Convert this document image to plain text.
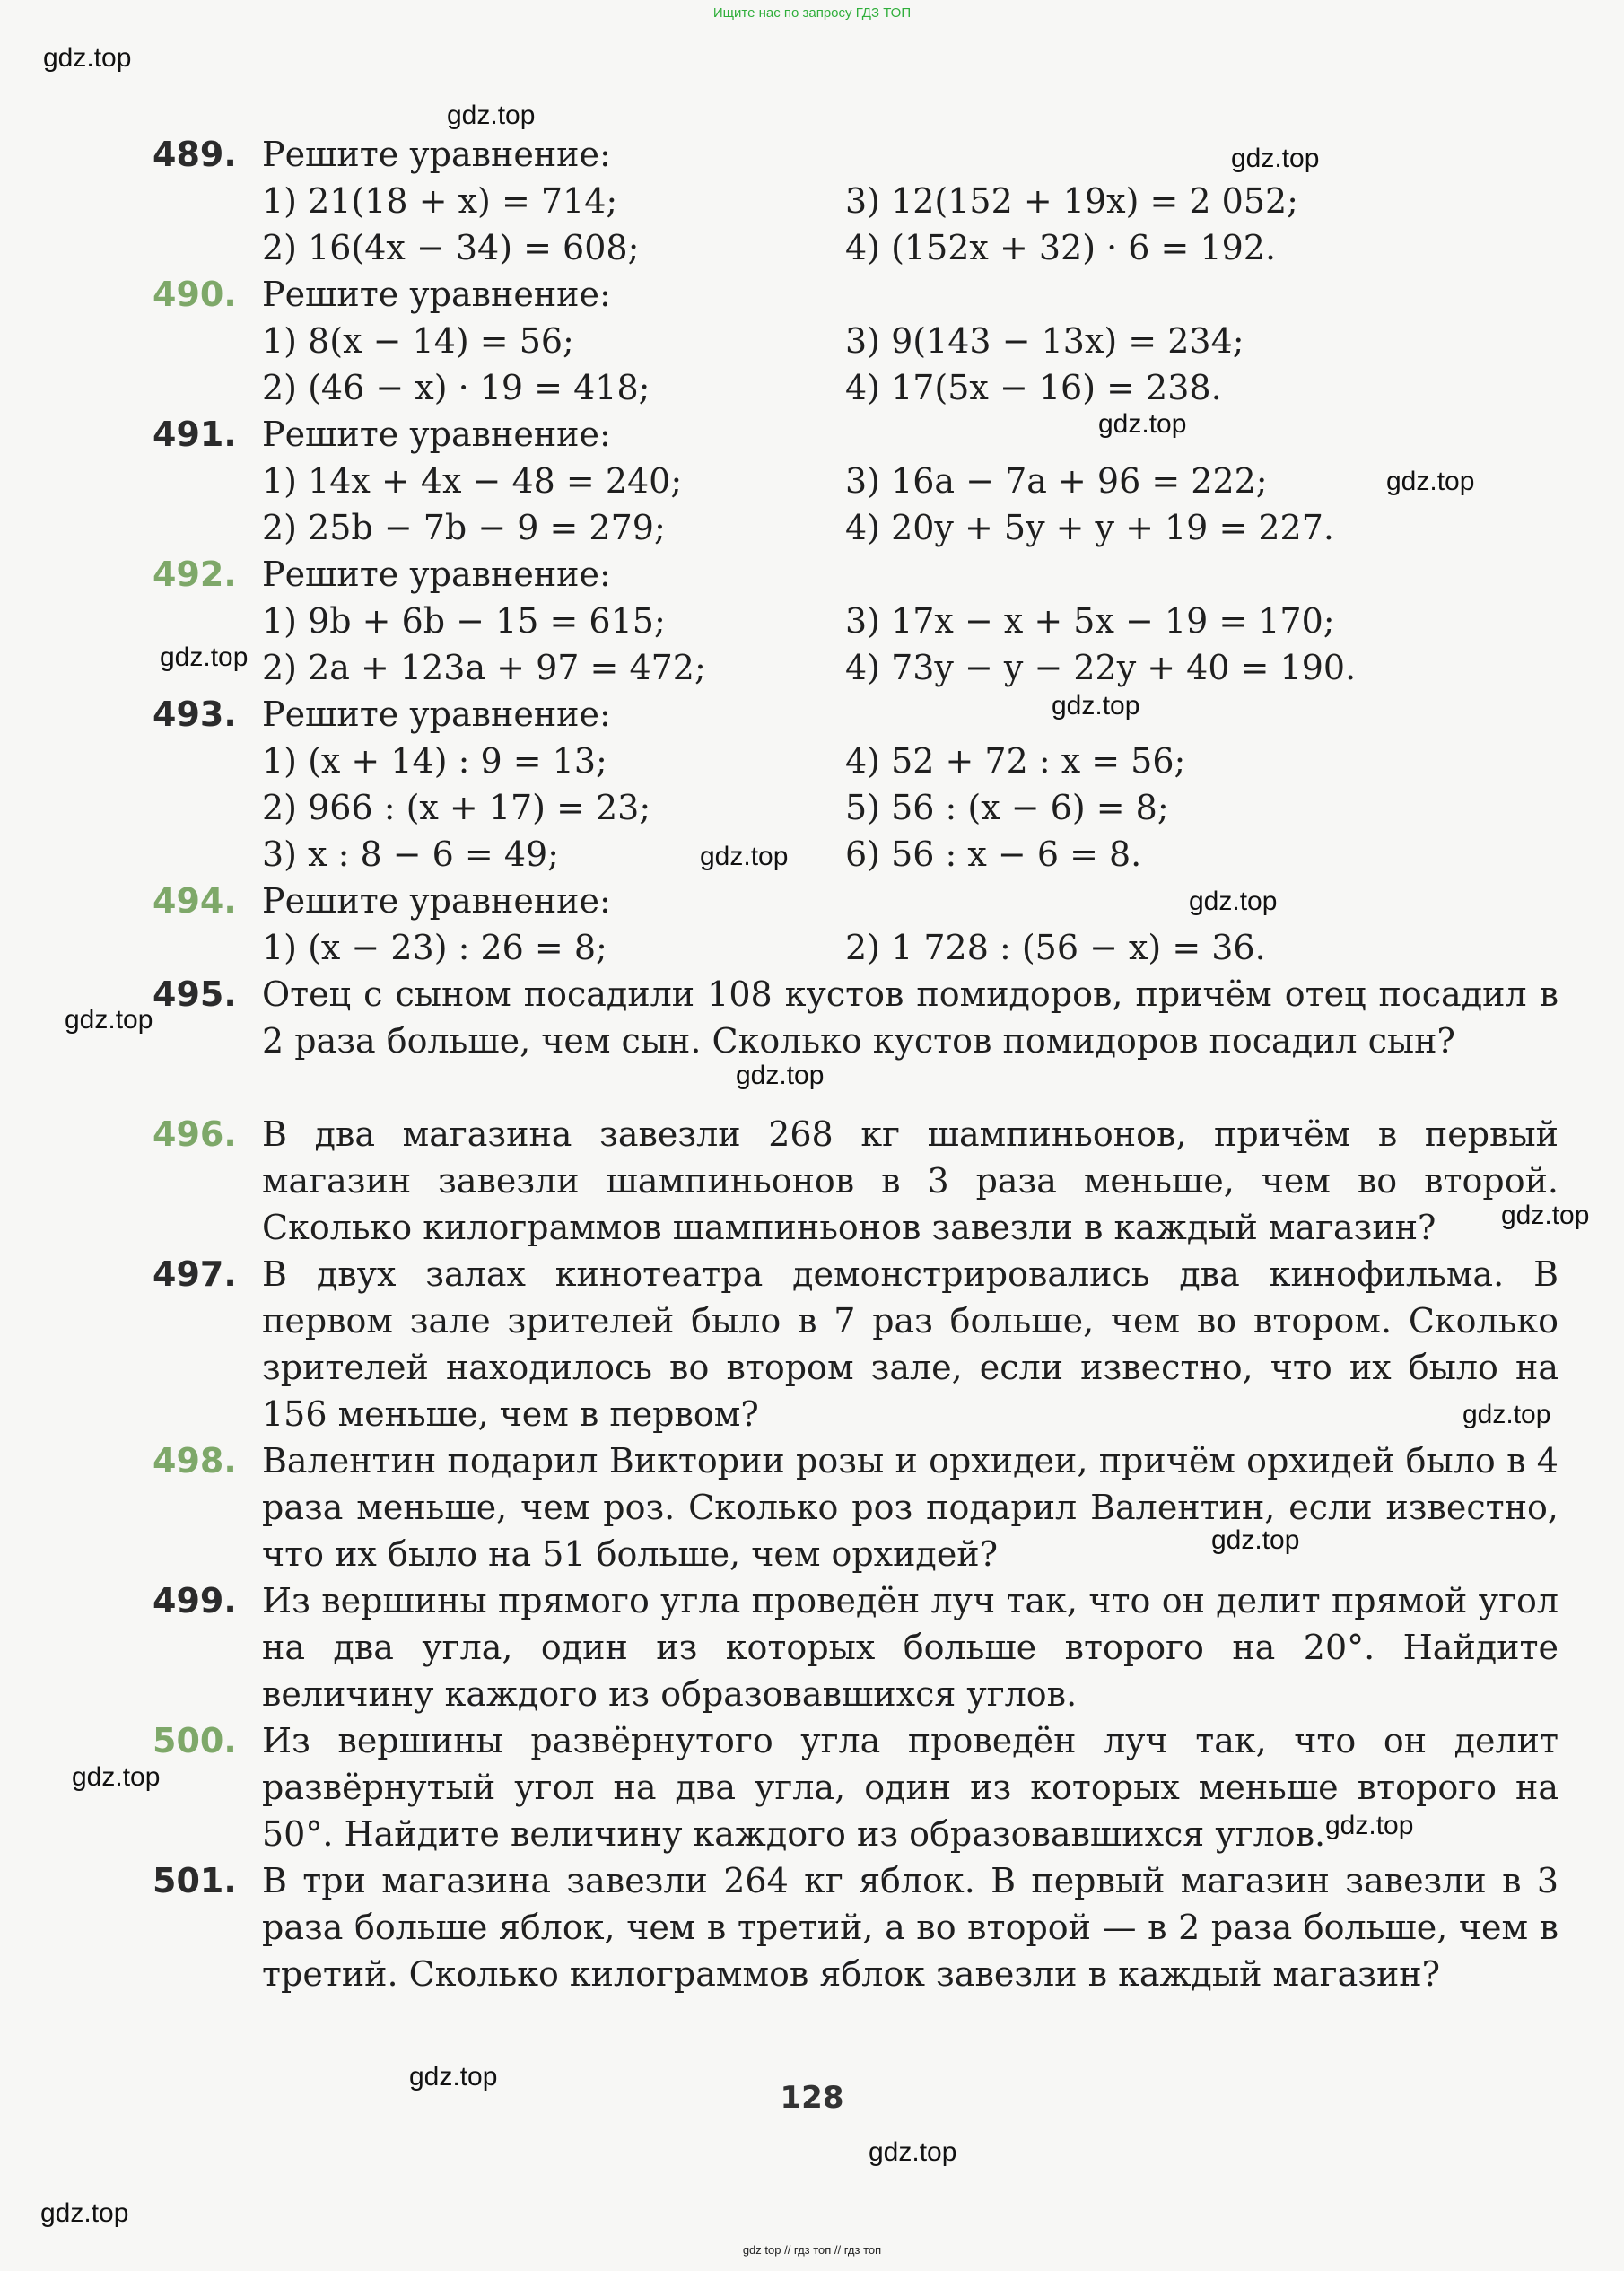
Ищите нас по запросу ГДЗ ТОП
gdz.top
gdz.top
gdz.top
gdz.top
gdz.top
gdz.top
gdz.top
gdz.top
gdz.top
gdz.top
gdz.top
gdz.top
gdz.top
gdz.top
gdz.top
gdz.top
gdz.top
gdz.top
gdz.top
489. Решите уравнение:
1) 21(18 + x) = 714;	3) 12(152 + 19x) = 2 052;
2) 16(4x − 34) = 608;	4) (152x + 32) · 6 = 192.
490. Решите уравнение:
1) 8(x − 14) = 56;	3) 9(143 − 13x) = 234;
2) (46 − x) · 19 = 418;	4) 17(5x − 16) = 238.
491. Решите уравнение:
1) 14x + 4x − 48 = 240;	3) 16a − 7a + 96 = 222;
2) 25b − 7b − 9 = 279;	4) 20y + 5y + y + 19 = 227.
492. Решите уравнение:
1) 9b + 6b − 15 = 615;	3) 17x − x + 5x − 19 = 170;
2) 2a + 123a + 97 = 472;	4) 73y − y − 22y + 40 = 190.
493. Решите уравнение:
1) (x + 14) : 9 = 13;	4) 52 + 72 : x = 56;
2) 966 : (x + 17) = 23;	5) 56 : (x − 6) = 8;
3) x : 8 − 6 = 49;	6) 56 : x − 6 = 8.
494. Решите уравнение:
1) (x − 23) : 26 = 8;	2) 1 728 : (56 − x) = 36.
495. Отец с сыном посадили 108 кустов помидоров, причём отец посадил в 2 раза больше, чем сын. Сколько кустов помидоров посадил сын?
496. В два магазина завезли 268 кг шампиньонов, причём в первый магазин завезли шампиньонов в 3 раза меньше, чем во второй. Сколько килограммов шампиньонов завезли в каждый магазин?
497. В двух залах кинотеатра демонстрировались два кинофильма. В первом зале зрителей было в 7 раз больше, чем во втором. Сколько зрителей находилось во втором зале, если известно, что их было на 156 меньше, чем в первом?
498. Валентин подарил Виктории розы и орхидеи, причём орхидей было в 4 раза меньше, чем роз. Сколько роз подарил Валентин, если известно, что их было на 51 больше, чем орхидей?
499. Из вершины прямого угла проведён луч так, что он делит прямой угол на два угла, один из которых больше второго на 20°. Найдите величину каждого из образовавшихся углов.
500. Из вершины развёрнутого угла проведён луч так, что он делит развёрнутый угол на два угла, один из которых меньше второго на 50°. Найдите величину каждого из образовавшихся углов.
501. В три магазина завезли 264 кг яблок. В первый магазин завезли в 3 раза больше яблок, чем в третий, а во второй — в 2 раза больше, чем в третий. Сколько килограммов яблок завезли в каждый магазин?
128
gdz top // гдз топ // гдз топ
